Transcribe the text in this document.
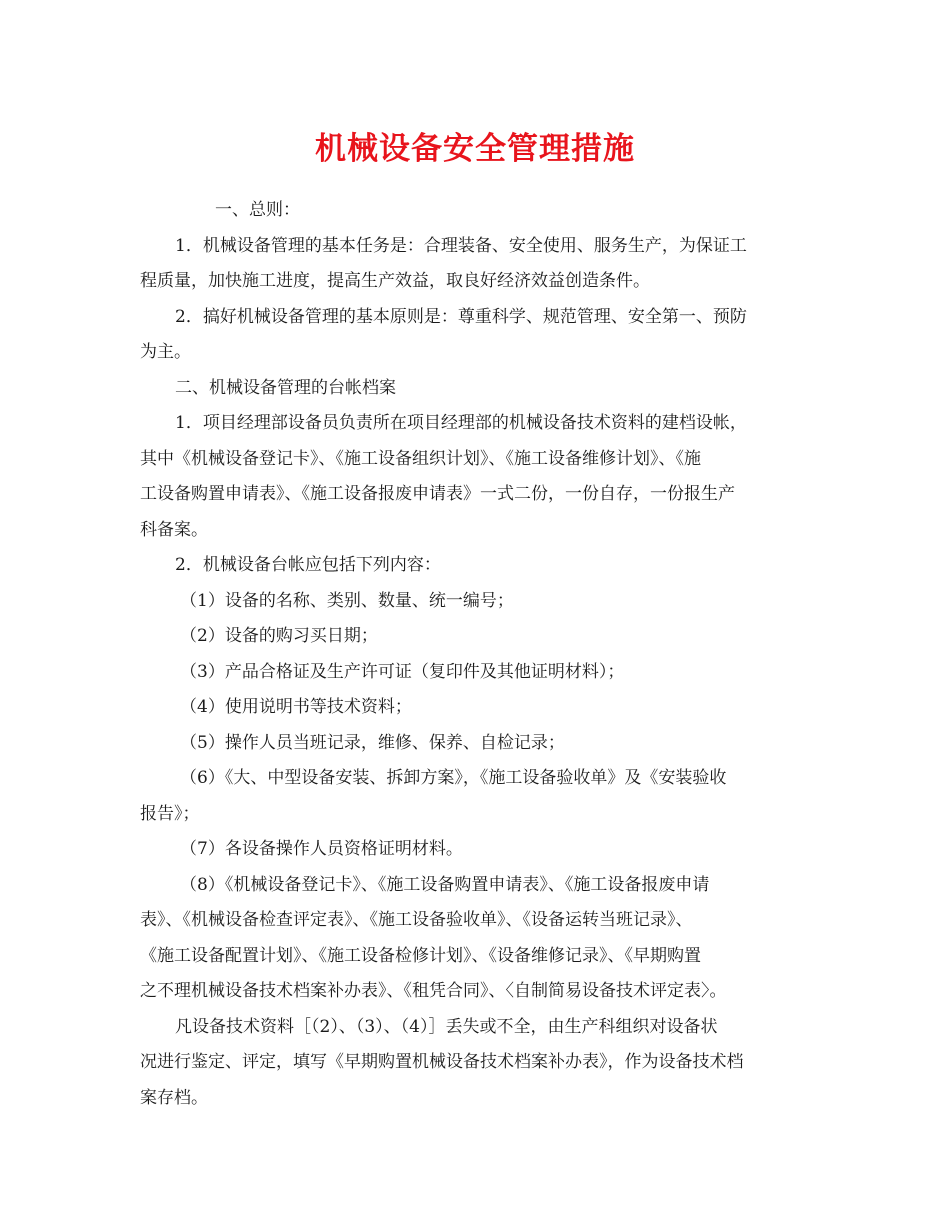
机械设备安全管理措施
一、总则：
1．机械设备管理的基本任务是：合理装备、安全使用、服务生产，为保证工
程质量，加快施工进度，提高生产效益，取良好经济效益创造条件。
2．搞好机械设备管理的基本原则是：尊重科学、规范管理、安全第一、预防
为主。
二、机械设备管理的台帐档案
1．项目经理部设备员负责所在项目经理部的机械设备技术资料的建档设帐，
其中《机械设备登记卡》、《施工设备组织计划》、《施工设备维修计划》、《施
工设备购置申请表》、《施工设备报废申请表》一式二份，一份自存，一份报生产
科备案。
2．机械设备台帐应包括下列内容：
（1）设备的名称、类别、数量、统一编号；
（2）设备的购习买日期；
（3）产品合格证及生产许可证（复印件及其他证明材料）；
（4）使用说明书等技术资料；
（5）操作人员当班记录，维修、保养、自检记录；
（6）《大、中型设备安装、拆卸方案》，《施工设备验收单》及《安装验收
报告》；
（7）各设备操作人员资格证明材料。
（8）《机械设备登记卡》、《施工设备购置申请表》、《施工设备报废申请
表》、《机械设备检查评定表》、《施工设备验收单》、《设备运转当班记录》、
《施工设备配置计划》、《施工设备检修计划》、《设备维修记录》、《早期购置
之不理机械设备技术档案补办表》、《租凭合同》、〈自制简易设备技术评定表〉。
凡设备技术资料［（2）、（3）、（4）］丢失或不全，由生产科组织对设备状
况进行鉴定、评定，填写《早期购置机械设备技术档案补办表》，作为设备技术档
案存档。
